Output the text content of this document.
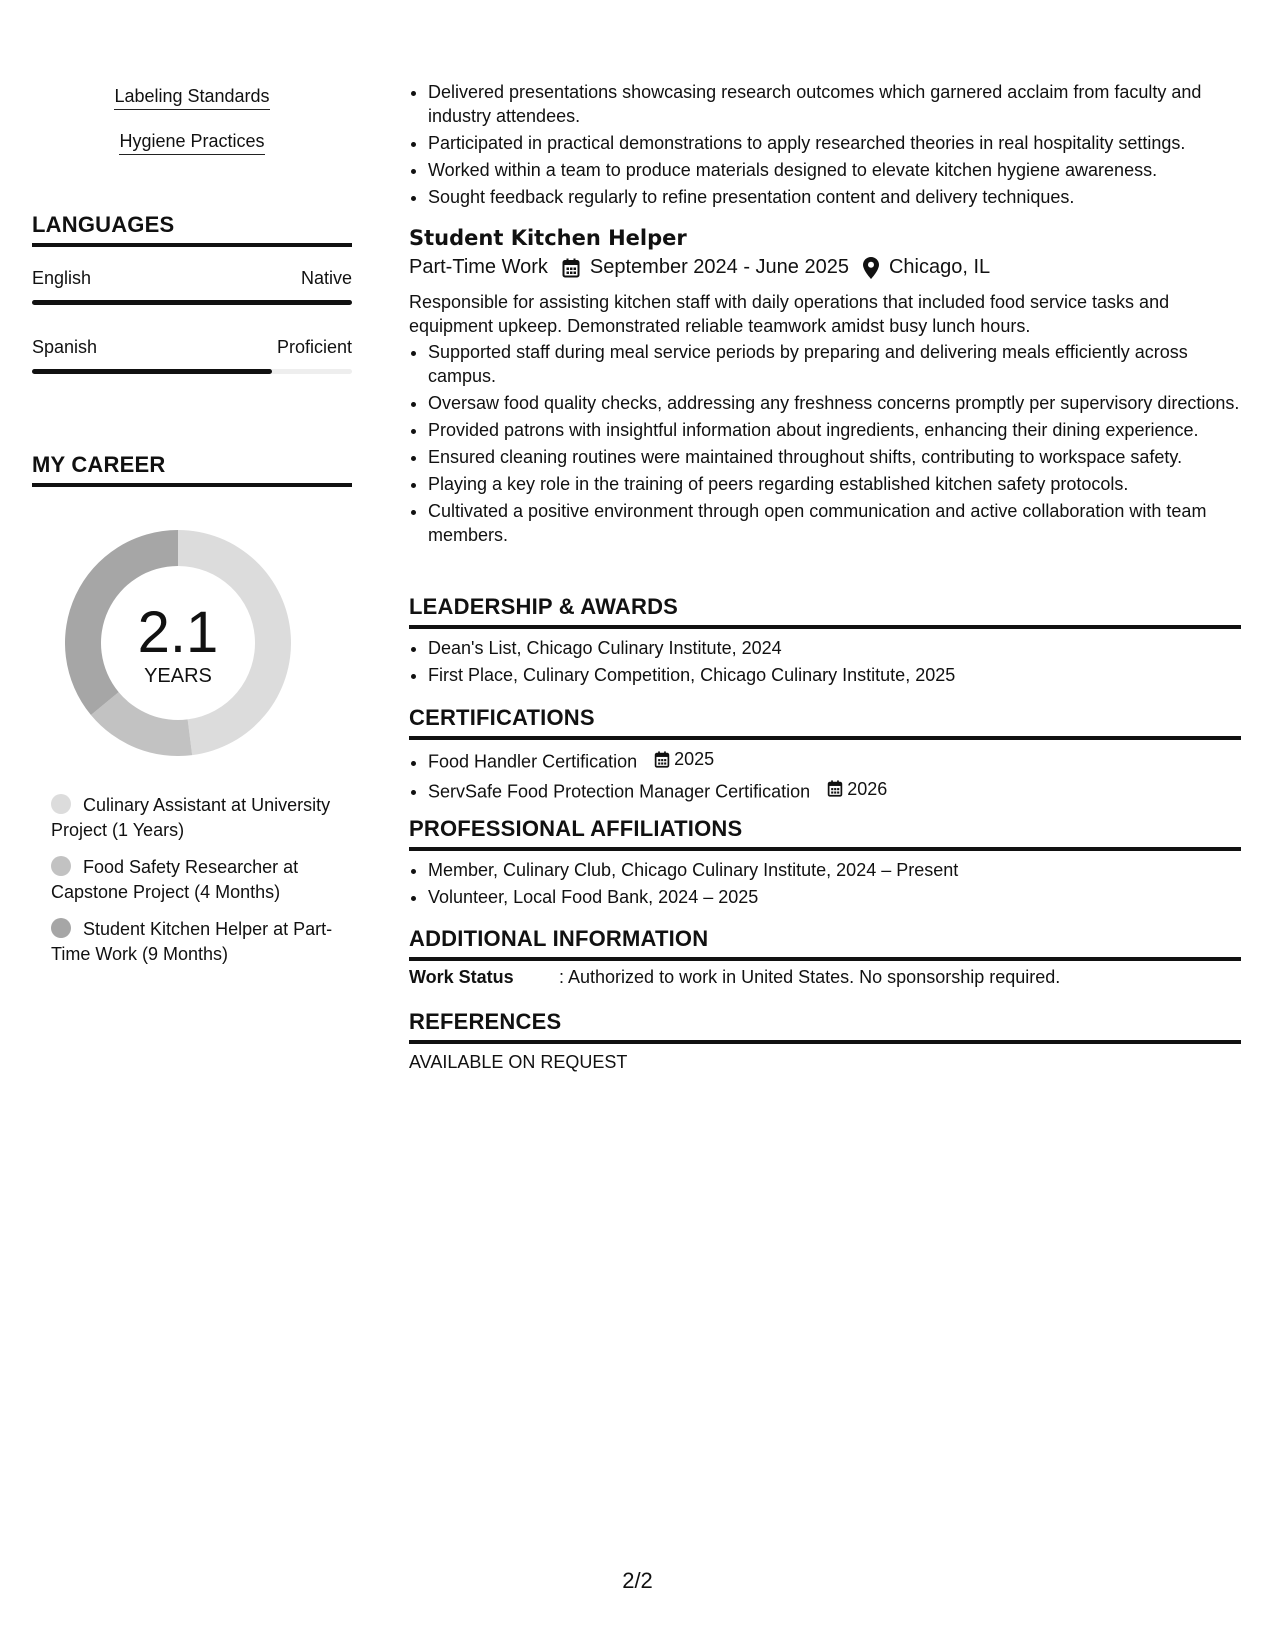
Labeling Standards
Hygiene Practices
LANGUAGES
English	Native
Spanish	Proficient
MY CAREER
2.1
YEARS
Culinary Assistant at University Project (1 Years)
Food Safety Researcher at Capstone Project (4 Months)
Student Kitchen Helper at Part-Time Work (9 Months)
• Delivered presentations showcasing research outcomes which garnered acclaim from faculty and industry attendees.
• Participated in practical demonstrations to apply researched theories in real hospitality settings.
• Worked within a team to produce materials designed to elevate kitchen hygiene awareness.
• Sought feedback regularly to refine presentation content and delivery techniques.
Student Kitchen Helper
Part-Time Work September 2024 - June 2025 Chicago, IL
Responsible for assisting kitchen staff with daily operations that included food service tasks and equipment upkeep. Demonstrated reliable teamwork amidst busy lunch hours.
• Supported staff during meal service periods by preparing and delivering meals efficiently across campus.
• Oversaw food quality checks, addressing any freshness concerns promptly per supervisory directions.
• Provided patrons with insightful information about ingredients, enhancing their dining experience.
• Ensured cleaning routines were maintained throughout shifts, contributing to workspace safety.
• Playing a key role in the training of peers regarding established kitchen safety protocols.
• Cultivated a positive environment through open communication and active collaboration with team members.
LEADERSHIP & AWARDS
• Dean's List, Chicago Culinary Institute, 2024
• First Place, Culinary Competition, Chicago Culinary Institute, 2025
CERTIFICATIONS
• Food Handler Certification 2025
• ServSafe Food Protection Manager Certification 2026
PROFESSIONAL AFFILIATIONS
• Member, Culinary Club, Chicago Culinary Institute, 2024 – Present
• Volunteer, Local Food Bank, 2024 – 2025
ADDITIONAL INFORMATION
Work Status	: Authorized to work in United States. No sponsorship required.
REFERENCES
AVAILABLE ON REQUEST
2/2
